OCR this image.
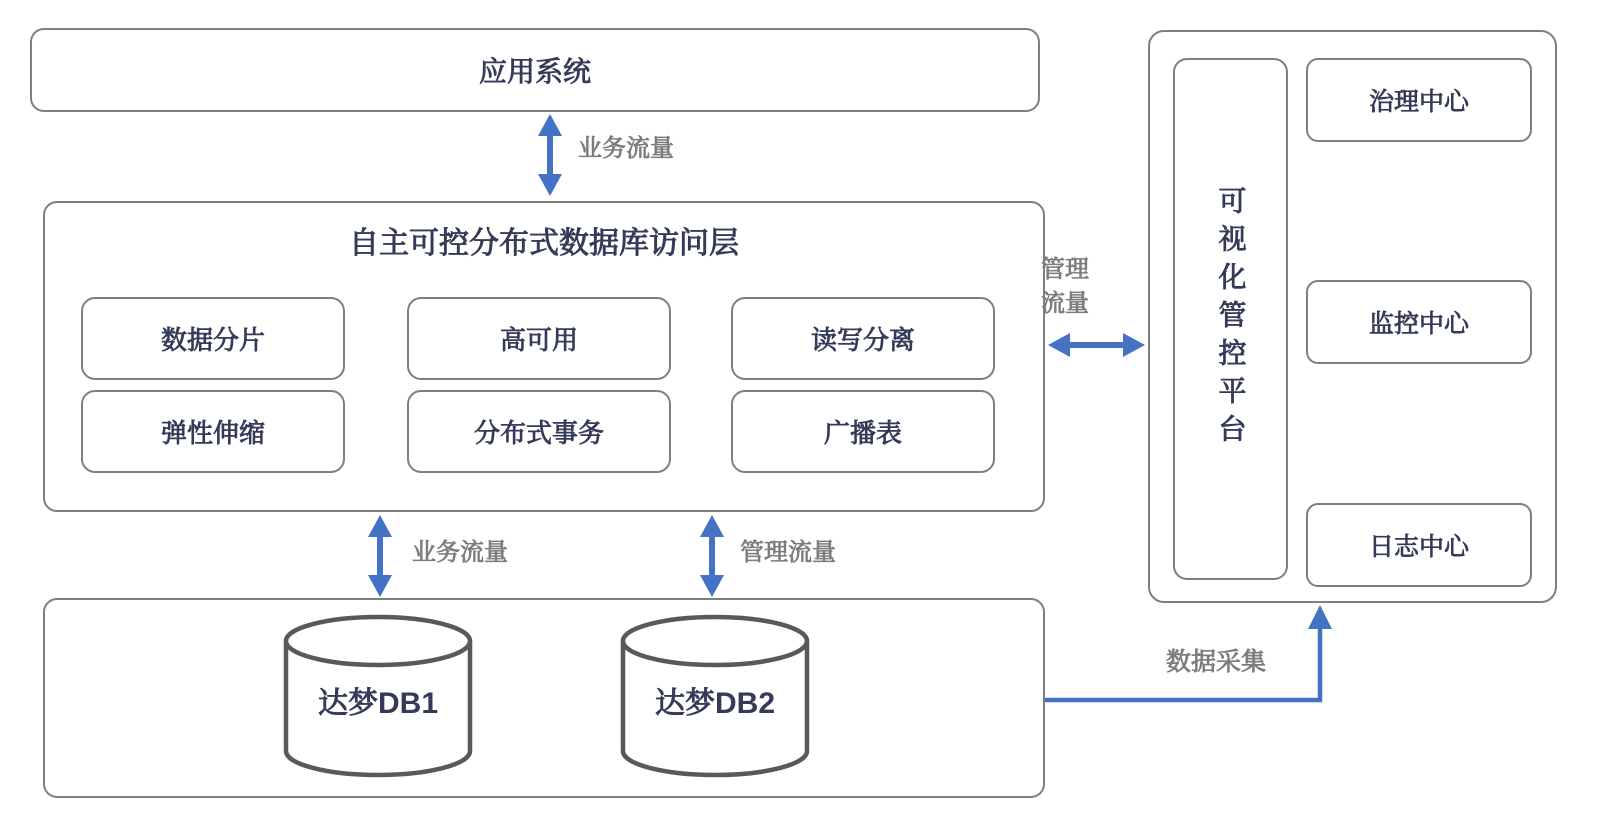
应用系统
业务流量
自主可控分布式数据库访问层
数据分片	高可用	读写分离
弹性伸缩	分布式事务	广播表
业务流量	管理流量
达梦DB1	达梦DB2
管理
流量	可视化管控平台
治理中心
监控中心
日志中心
数据采集
